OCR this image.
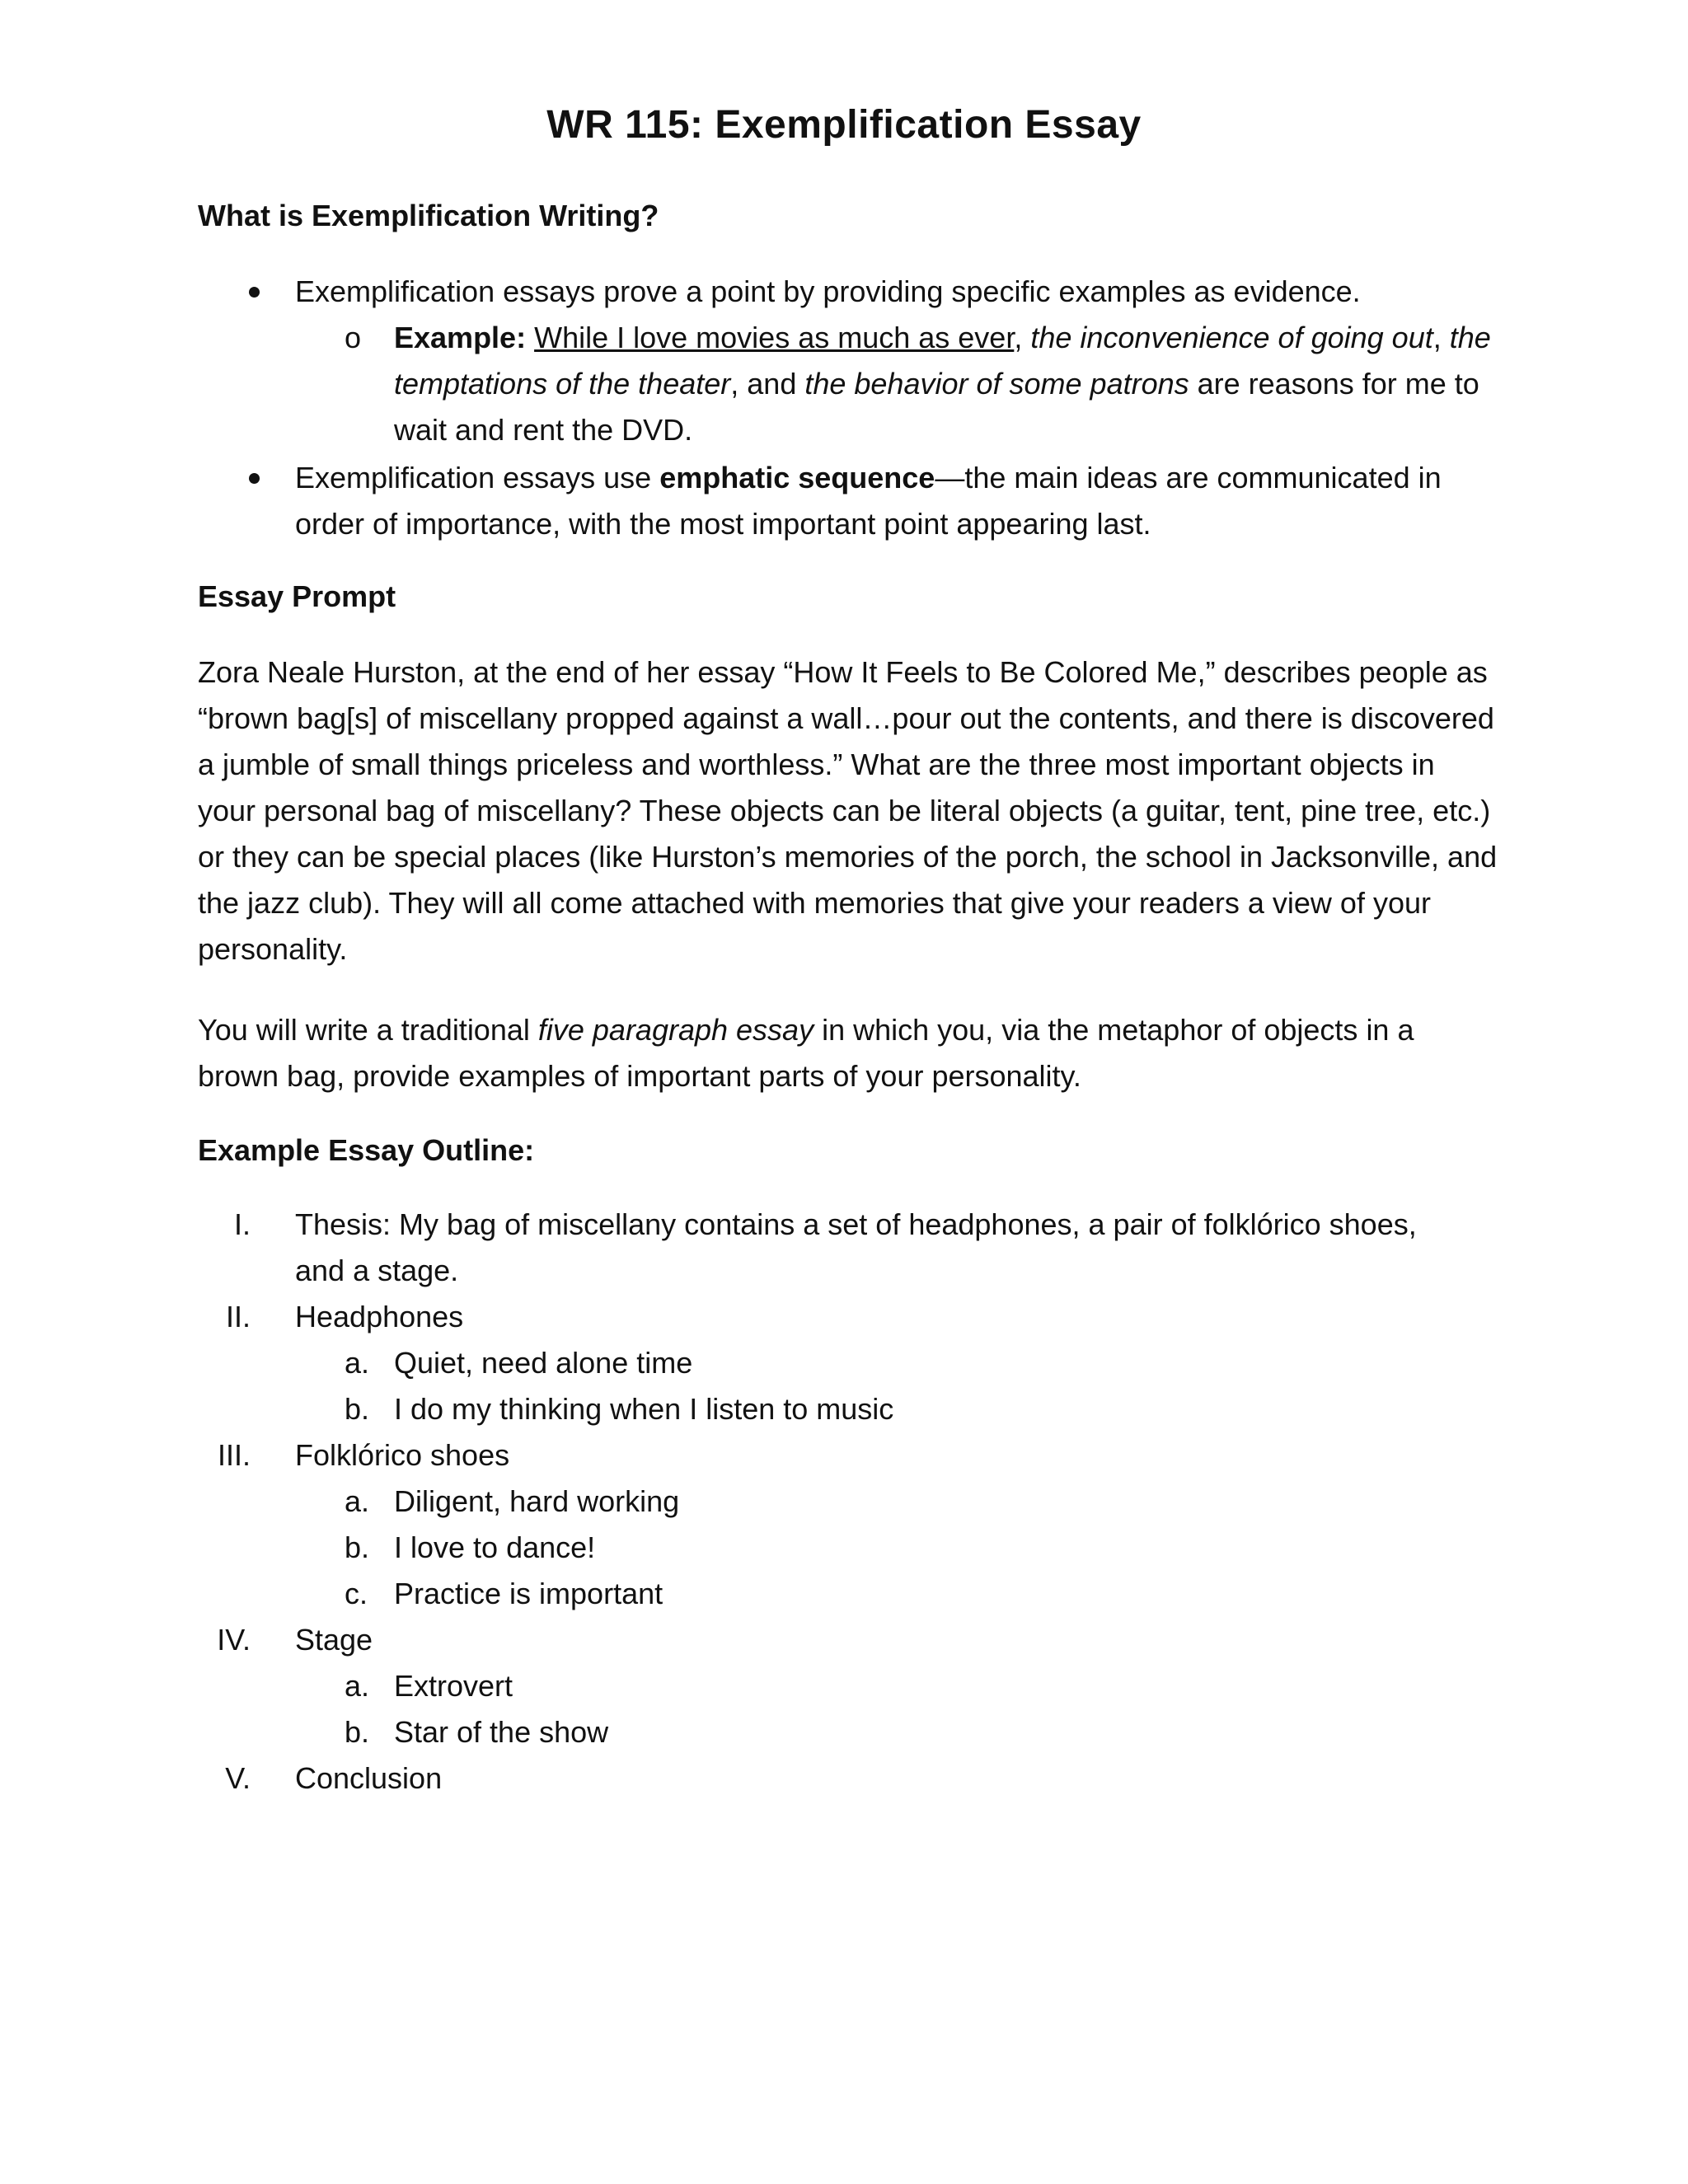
WR 115: Exemplification Essay
What is Exemplification Writing?
Exemplification essays prove a point by providing specific examples as evidence.
o Example: While I love movies as much as ever, the inconvenience of going out, the temptations of the theater, and the behavior of some patrons are reasons for me to wait and rent the DVD.
Exemplification essays use emphatic sequence—the main ideas are communicated in order of importance, with the most important point appearing last.
Essay Prompt
Zora Neale Hurston, at the end of her essay “How It Feels to Be Colored Me,” describes people as “brown bag[s] of miscellany propped against a wall…pour out the contents, and there is discovered a jumble of small things priceless and worthless.” What are the three most important objects in your personal bag of miscellany? These objects can be literal objects (a guitar, tent, pine tree, etc.) or they can be special places (like Hurston’s memories of the porch, the school in Jacksonville, and the jazz club). They will all come attached with memories that give your readers a view of your personality.
You will write a traditional five paragraph essay in which you, via the metaphor of objects in a brown bag, provide examples of important parts of your personality.
Example Essay Outline:
I. Thesis: My bag of miscellany contains a set of headphones, a pair of folklórico shoes,
and a stage.
II. Headphones
a. Quiet, need alone time
b. I do my thinking when I listen to music
III. Folklórico shoes
a. Diligent, hard working
b. I love to dance!
c. Practice is important
IV. Stage
a. Extrovert
b. Star of the show
V. Conclusion
